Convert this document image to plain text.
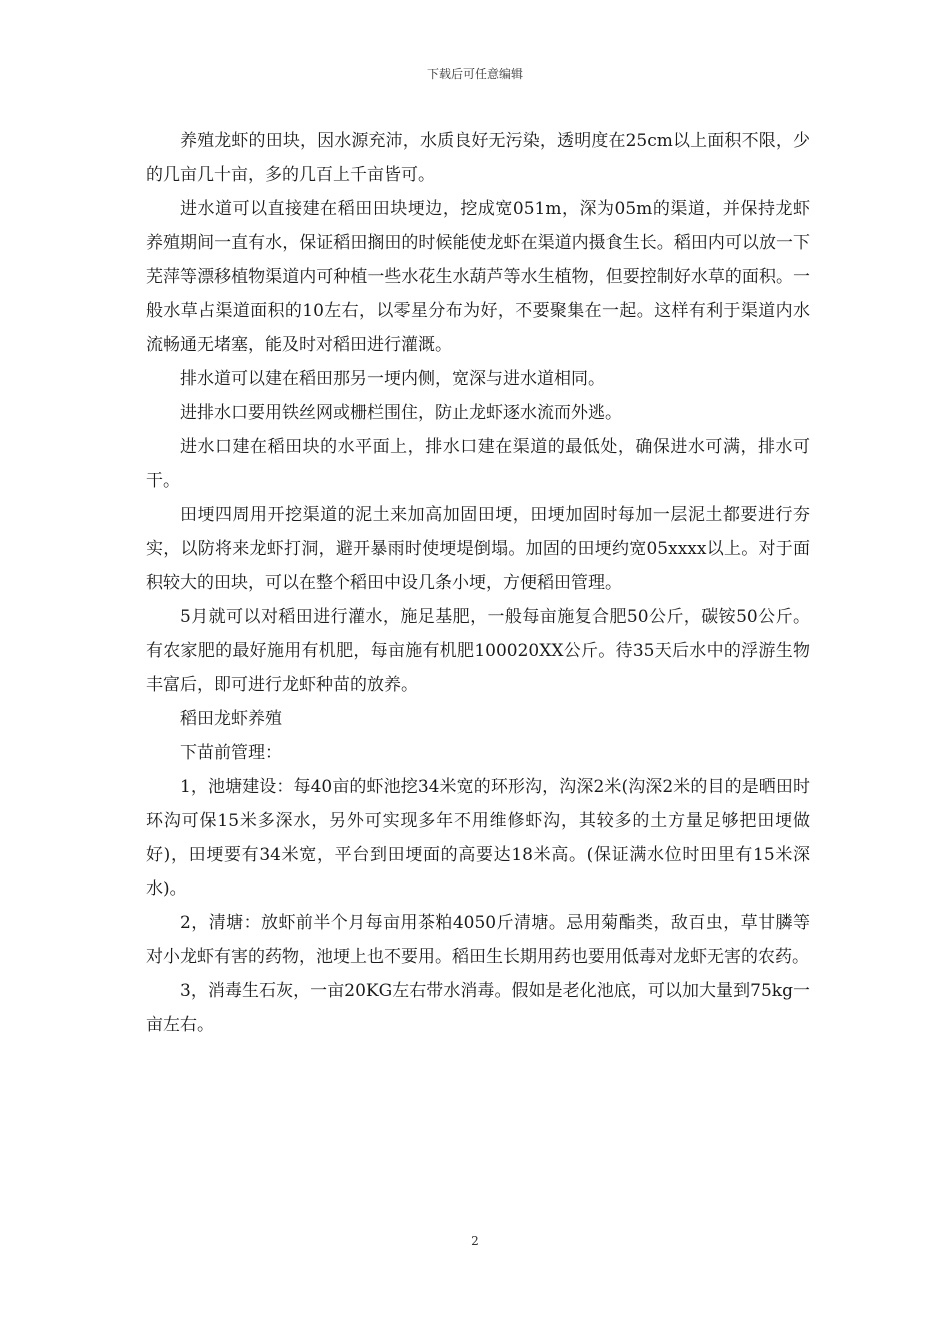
下载后可任意编辑

养殖龙虾的田块，因水源充沛，水质良好无污染，透明度在25cm以上面积不限，少的几亩几十亩，多的几百上千亩皆可。

进水道可以直接建在稻田田块埂边，挖成宽051m，深为05m的渠道，并保持龙虾养殖期间一直有水，保证稻田搁田的时候能使龙虾在渠道内摄食生长。稻田内可以放一下芜萍等漂移植物渠道内可种植一些水花生水葫芦等水生植物，但要控制好水草的面积。一般水草占渠道面积的10左右，以零星分布为好，不要聚集在一起。这样有利于渠道内水流畅通无堵塞，能及时对稻田进行灌溉。

排水道可以建在稻田那另一埂内侧，宽深与进水道相同。

进排水口要用铁丝网或栅栏围住，防止龙虾逐水流而外逃。

进水口建在稻田块的水平面上，排水口建在渠道的最低处，确保进水可满，排水可干。

田埂四周用开挖渠道的泥土来加高加固田埂，田埂加固时每加一层泥土都要进行夯实，以防将来龙虾打洞，避开暴雨时使埂堤倒塌。加固的田埂约宽05xxxx以上。对于面积较大的田块，可以在整个稻田中设几条小埂，方便稻田管理。

5月就可以对稻田进行灌水，施足基肥，一般每亩施复合肥50公斤，碳铵50公斤。有农家肥的最好施用有机肥，每亩施有机肥100020XX公斤。待35天后水中的浮游生物丰富后，即可进行龙虾种苗的放养。

稻田龙虾养殖

下苗前管理：

1，池塘建设：每40亩的虾池挖34米宽的环形沟，沟深2米(沟深2米的目的是晒田时环沟可保15米多深水，另外可实现多年不用维修虾沟，其较多的土方量足够把田埂做好)，田埂要有34米宽，平台到田埂面的高要达18米高。(保证满水位时田里有15米深水)。

2，清塘：放虾前半个月每亩用茶粕4050斤清塘。忌用菊酯类，敌百虫，草甘膦等对小龙虾有害的药物，池埂上也不要用。稻田生长期用药也要用低毒对龙虾无害的农药。

3，消毒生石灰，一亩20KG左右带水消毒。假如是老化池底，可以加大量到75kg一亩左右。

2
